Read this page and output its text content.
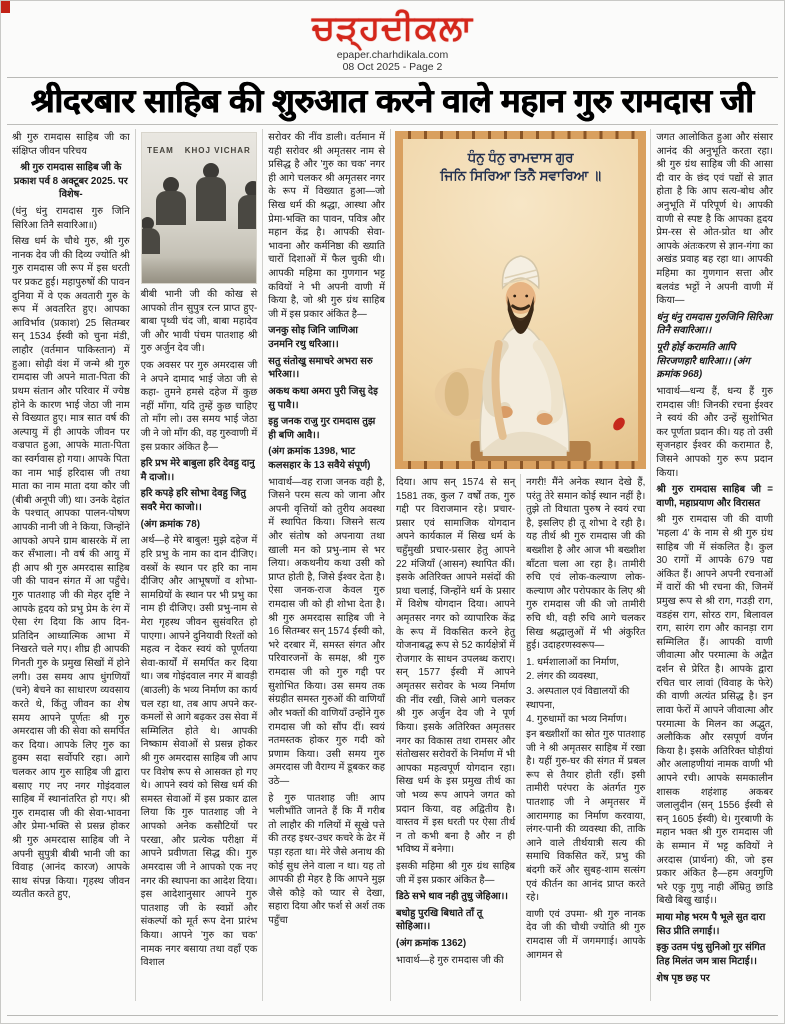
ਚੜ੍ਹਦੀਕਲਾ
epaper.charhdikala.com
08 Oct 2025 - Page 2
श्रीदरबार साहिब की शुरुआत करने वाले महान गुरु रामदास जी

श्री गुरु रामदास साहिब जी का संक्षिप्त जीवन परिचय

श्री गुरु रामदास साहिब जी के प्रकाश पर्व 8 अक्टूबर 2025. पर विशेष-

(धंनु धंनु रामदास गुरु जिनि सिरिआ तिनै सवारिआ॥)

सिख धर्म के चौथे गुरु, श्री गुरु नानक देव जी की दिव्य ज्योति श्री गुरु रामदास जी रूप में इस धरती पर प्रकट हुई। महापुरुषों की पावन दुनिया में वे एक अवतारी गुरु के रूप में अवतरित हुए। आपका आविर्भाव (प्रकाश) 25 सितम्बर सन् 1534 ईस्वी को चुना मंडी, लाहौर (वर्तमान पाकिस्तान) में हुआ। सोढ़ी वंश में जन्मे श्री गुरु रामदास जी अपने माता-पिता की प्रथम संतान और परिवार में ज्येष्ठ होने के कारण भाई जेठा जी नाम से विख्यात हुए। मात्र सात वर्ष की अल्पायु में ही आपके जीवन पर वज्रपात हुआ, आपके माता-पिता का स्वर्गवास हो गया। आपके पिता का नाम भाई हरिदास जी तथा माता का नाम माता दया कौर जी (बीबी अनूपी जी) था। उनके देहांत के पश्चात् आपका पालन-पोषण आपकी नानी जी ने किया, जिन्होंने आपको अपने ग्राम बासरके में ला कर सँभाला। नौ वर्ष की आयु में ही आप श्री गुरु अमरदास साहिब जी की पावन संगत में आ पहुँचे। गुरु पातशाह जी की मेहर दृष्टि ने आपके हृदय को प्रभु प्रेम के रंग में ऐसा रंग दिया कि आप दिन-प्रतिदिन आध्यात्मिक आभा में निखरते चले गए। शीघ्र ही आपकी गिनती गुरु के प्रमुख सिखों में होने लगी। उस समय आप धुंगणियाँ (चने) बेचने का साधारण व्यवसाय करते थे, किंतु जीवन का शेष समय आपने पूर्णतः श्री गुरु अमरदास जी की सेवा को समर्पित कर दिया। आपके लिए गुरु का हुक्म सदा सर्वोपरि रहा। आगे चलकर आप गुरु साहिब जी द्वारा बसाए गए नए नगर गोइंदवाल साहिब में स्थानांतरित हो गए। श्री गुरु रामदास जी की सेवा-भावना और प्रेमा-भक्ति से प्रसन्न होकर श्री गुरु अमरदास साहिब जी ने अपनी सुपुत्री बीबी भानी जी का विवाह (आनंद कारज) आपके साथ संपन्न किया। गृहस्थ जीवन व्यतीत करते हुए,

TEAM KHOJ VICHAR

बीबी भानी जी की कोख से आपको तीन सुपुत्र रत्न प्राप्त हुए- बाबा पृथ्वी चंद जी, बाबा महादेव जी और भावी पंचम पातशाह श्री गुरु अर्जुन देव जी।

एक अवसर पर गुरु अमरदास जी ने अपने दामाद भाई जेठा जी से कहा- तुमने हमसे दहेज में कुछ नहीं माँगा, यदि तुम्हें कुछ चाहिए तो माँग लो। उस समय भाई जेठा जी ने जो माँग की, वह गुरुवाणी में इस प्रकार अंकित है—

हरि प्रभ मेरे बाबुला हरि देवहु दानु मै दाजो।।

हरि कपड़े हरि सोभा देवहु जितु सवरै मेरा काजो।।

(अंग क्रमांक 78)

अर्थ—हे मेरे बाबुल! मुझे दहेज में हरि प्रभु के नाम का दान दीजिए। वस्त्रों के स्थान पर हरि का नाम दीजिए और आभूषणों व शोभा-सामग्रियों के स्थान पर भी प्रभु का नाम ही दीजिए। उसी प्रभु-नाम से मेरा गृहस्थ जीवन सुसंवरित हो पाएगा। आपने दुनियावी रिश्तों को महत्व न देकर स्वयं को पूर्णतया सेवा-कार्यों में समर्पित कर दिया था। जब गोइंदवाल नगर में बावड़ी (बाउली) के भव्य निर्माण का कार्य चल रहा था, तब आप अपने कर-कमलों से आगे बढ़कर उस सेवा में सम्मिलित होते थे। आपकी निष्काम सेवाओं से प्रसन्न होकर श्री गुरु अमरदास साहिब जी आप पर विशेष रूप से आसक्त हो गए थे। आपने स्वयं को सिख धर्म की समस्त सेवाओं में इस प्रकार ढाल लिया कि गुरु पातशाह जी ने आपको अनेक कसौटियों पर परखा, और प्रत्येक परीक्षा में आपने प्रवीणता सिद्ध की। गुरु अमरदास जी ने आपको एक नए नगर की स्थापना का आदेश दिया। इस आदेशानुसार आपने गुरु पातशाह जी के स्वप्नों और संकल्पों को मूर्त रूप देना प्रारंभ किया। आपने 'गुरु का चक' नामक नगर बसाया तथा वहाँ एक विशाल

सरोवर की नींव डाली। वर्तमान में यही सरोवर श्री अमृतसर नाम से प्रसिद्ध है और 'गुरु का चक' नगर ही आगे चलकर श्री अमृतसर नगर के रूप में विख्यात हुआ—जो सिख धर्म की श्रद्धा, आस्था और प्रेमा-भक्ति का पावन, पवित्र और महान केंद्र है। आपकी सेवा-भावना और कर्मनिष्ठा की ख्याति चारों दिशाओं में फैल चुकी थी। आपकी महिमा का गुणगान भट्ट कवियों ने भी अपनी वाणी में किया है, जो श्री गुरु ग्रंथ साहिब जी में इस प्रकार अंकित है—

जनकु सोइ जिनि जाणिआ उनमनि रथु धरिआ।।

सतु संतोखु समाचरे अभरा सरु भरिआ।।

अकथ कथा अमरा पुरी जिसु देइ सु पावै।।

इहु जनक राजु गुर रामदास तुझ ही बणि आवै।।

(अंग क्रमांक 1398, भाट कलसहार के 13 सवैये संपूर्ण)

भावार्थ—वह राजा जनक वही है, जिसने परम सत्य को जाना और अपनी वृत्तियों को तुरीय अवस्था में स्थापित किया। जिसने सत्य और संतोष को अपनाया तथा खाली मन को प्रभु-नाम से भर लिया। अकथनीय कथा उसी को प्राप्त होती है, जिसे ईश्वर देता है। ऐसा जनक-राज केवल गुरु रामदास जी को ही शोभा देता है। श्री गुरु अमरदास साहिब जी ने 16 सितम्बर सन् 1574 ईस्वी को, भरे दरबार में, समस्त संगत और परिवारजनों के समक्ष, श्री गुरु रामदास जी को गुरु गद्दी पर सुशोभित किया। उस समय तक संग्रहीत समस्त गुरुओं की वाणियाँ और भक्तों की वाणियाँ उन्होंने गुरु रामदास जी को सौंप दीं। स्वयं नतमस्तक होकर गुरु गदी को प्रणाम किया। उसी समय गुरु अमरदास जी वैराग्य में डूबकर कह उठे—

हे गुरु पातशाह जी! आप भलीभाँति जानते हैं कि मैं गरीब तो लाहौर की गलियों में सूखे पत्ते की तरह इधर-उधर कचरे के ढेर में पड़ा रहता था। मेरे जैसे अनाथ की कोई सुध लेने वाला न था। यह तो आपकी ही मेहर है कि आपने मुझ जैसे कौड़े को प्यार से देखा, सहारा दिया और फर्श से अर्श तक पहुँचा

ਧੰਨੁ ਧੰਨੁ ਰਾਮਦਾਸ ਗੁਰ
ਜਿਨਿ ਸਿਰਿਆ ਤਿਨੈ ਸਵਾਰਿਆ ॥

दिया। आप सन् 1574 से सन् 1581 तक, कुल 7 वर्षों तक, गुरु गद्दी पर विराजमान रहे। प्रचार-प्रसार एवं सामाजिक योगदान अपने कार्यकाल में सिख धर्म के चहुँमुखी प्रचार-प्रसार हेतु आपने 22 मंजियाँ (आसन) स्थापित कीं। इसके अतिरिक्त आपने मसंदों की प्रथा चलाई, जिन्होंने धर्म के प्रसार में विशेष योगदान दिया। आपने अमृतसर नगर को व्यापारिक केंद्र के रूप में विकसित करने हेतु योजनाबद्ध रूप से 52 कार्यक्षेत्रों में रोजगार के साधन उपलब्ध कराए। सन् 1577 ईस्वी में आपने अमृतसर सरोवर के भव्य निर्माण की नींव रखी, जिसे आगे चलकर श्री गुरु अर्जुन देव जी ने पूर्ण किया। इसके अतिरिक्त अमृतसर नगर का विकास तथा रामसर और संतोखसर सरोवरों के निर्माण में भी आपका महत्वपूर्ण योगदान रहा। सिख धर्म के इस प्रमुख तीर्थ का जो भव्य रूप आपने जगत को प्रदान किया, वह अद्वितीय है। वास्तव में इस धरती पर ऐसा तीर्थ न तो कभी बना है और न ही भविष्य में बनेगा।

इसकी महिमा श्री गुरु ग्रंथ साहिब जी में इस प्रकार अंकित है—

डिठे सभे थाव नही तुधु जेहिआ।।

बधोहु पुरखि बिधाते ताँ तू सोहिआ।।

(अंग क्रमांक 1362)

भावार्थ—हे गुरु रामदास जी की

नगरी! मैंने अनेक स्थान देखे हैं, परंतु तेरे समान कोई स्थान नहीं है। तुझे तो विधाता पुरुष ने स्वयं रचा है, इसलिए ही तू शोभा दे रही है। यह तीर्थ श्री गुरु रामदास जी की बख्शीश है और आज भी बख्शीश बाँटता चला आ रहा है। तामीरी रुचि एवं लोक-कल्याण लोक-कल्याण और परोपकार के लिए श्री गुरु रामदास जी की जो तामीरी रुचि थी, वही रुचि आगे चलकर सिख श्रद्धालुओं में भी अंकुरित हुई। उदाहरणस्वरूप—

1. धर्मशालाओं का निर्माण,

2. लंगर की व्यवस्था,

3. अस्पताल एवं विद्यालयों की स्थापना,

4. गुरुधामों का भव्य निर्माण।

इन बख्शीशों का स्रोत गुरु पातशाह जी ने श्री अमृतसर साहिब में रखा है। यहीं गुरु-घर की संगत में प्रबल रूप से तैयार होती रहीं। इसी तामीरी परंपरा के अंतर्गत गुरु पातशाह जी ने अमृतसर में आरामगाह का निर्माण करवाया, लंगर-पानी की व्यवस्था की, ताकि आने वाले तीर्थयात्री सत्य की समाधि विकसित करें, प्रभु की बंदगी करें और सुबह-शाम सत्संग एवं कीर्तन का आनंद प्राप्त करते रहे।

वाणी एवं उपमा- श्री गुरु नानक देव जी की चौथी ज्योति श्री गुरु रामदास जी में जगमगाई। आपके आगमन से

जगत आलोकित हुआ और संसार आनंद की अनुभूति करता रहा। श्री गुरु ग्रंथ साहिब जी की आसा दी वार के छंद एवं पद्यों से ज्ञात होता है कि आप सत्य-बोध और अनुभूति में परिपूर्ण थे। आपकी वाणी से स्पष्ट है कि आपका हृदय प्रेम-रस से ओत-प्रोत था और आपके अंतःकरण से ज्ञान-गंगा का अखंड प्रवाह बह रहा था। आपकी महिमा का गुणगान सत्ता और बलवंड भट्टों ने अपनी वाणी में किया—

धंनु धंनु रामदास गुरुजिनि सिरिआ तिनै सवारिआ।।

पूरी होई करामति आपि सिरजणहारै धारिआ।। (अंग क्रमांक 968)

भावार्थ—धन्य हैं, धन्य हैं गुरु रामदास जी! जिनकी रचना ईश्वर ने स्वयं की और उन्हें सुशोभित कर पूर्णता प्रदान की। यह तो उसी सृजनहार ईश्वर की करामात है, जिसने आपको गुरु रूप प्रदान किया।

श्री गुरु रामदास साहिब जी = वाणी, महाप्रयाण और विरासत

श्री गुरु रामदास जी की वाणी 'महला 4' के नाम से श्री गुरु ग्रंथ साहिब जी में संकलित है। कुल 30 रागों में आपके 679 पद्य अंकित हैं। आपने अपनी रचनाओं में वारों की भी रचना की, जिनमें प्रमुख रूप से श्री राग, गउड़ी राग, वडहंस राग, सोरठ राग, बिलावल राग, सारंग राग और कानड़ा राग सम्मिलित हैं। आपकी वाणी जीवात्मा और परमात्मा के अद्वैत दर्शन से प्रेरित है। आपके द्वारा रचित चार लावां (विवाह के फेरे) की वाणी अत्यंत प्रसिद्ध है। इन लावा फेरों में आपने जीवात्मा और परमात्मा के मिलन का अद्भुत, अलौकिक और रसपूर्ण वर्णन किया है। इसके अतिरिक्त घोड़ीयां और अलाहणीयां नामक वाणी भी आपने रची। आपके समकालीन शासक शहंशाह अकबर जलालुदीन (सन् 1556 ईस्वी से सन् 1605 ईस्वी) थे। गुरबाणी के महान भक्त श्री गुरु रामदास जी के सम्मान में भट्ट कवियों ने अरदास (प्रार्थना) की, जो इस प्रकार अंकित है—हम अवगुणि भरे एकु गुणु नाही अँम्रितु छाडि बिखै बिखु खाई।।

माया मोह भरम पै भूले सुत दारा सिउ प्रीति लगाई।।

इकु उतम पंथु सुनिओ गुर संगित तिह मिलंत जम त्रास मिटाई।।

शेष पृष्ठ छह पर
